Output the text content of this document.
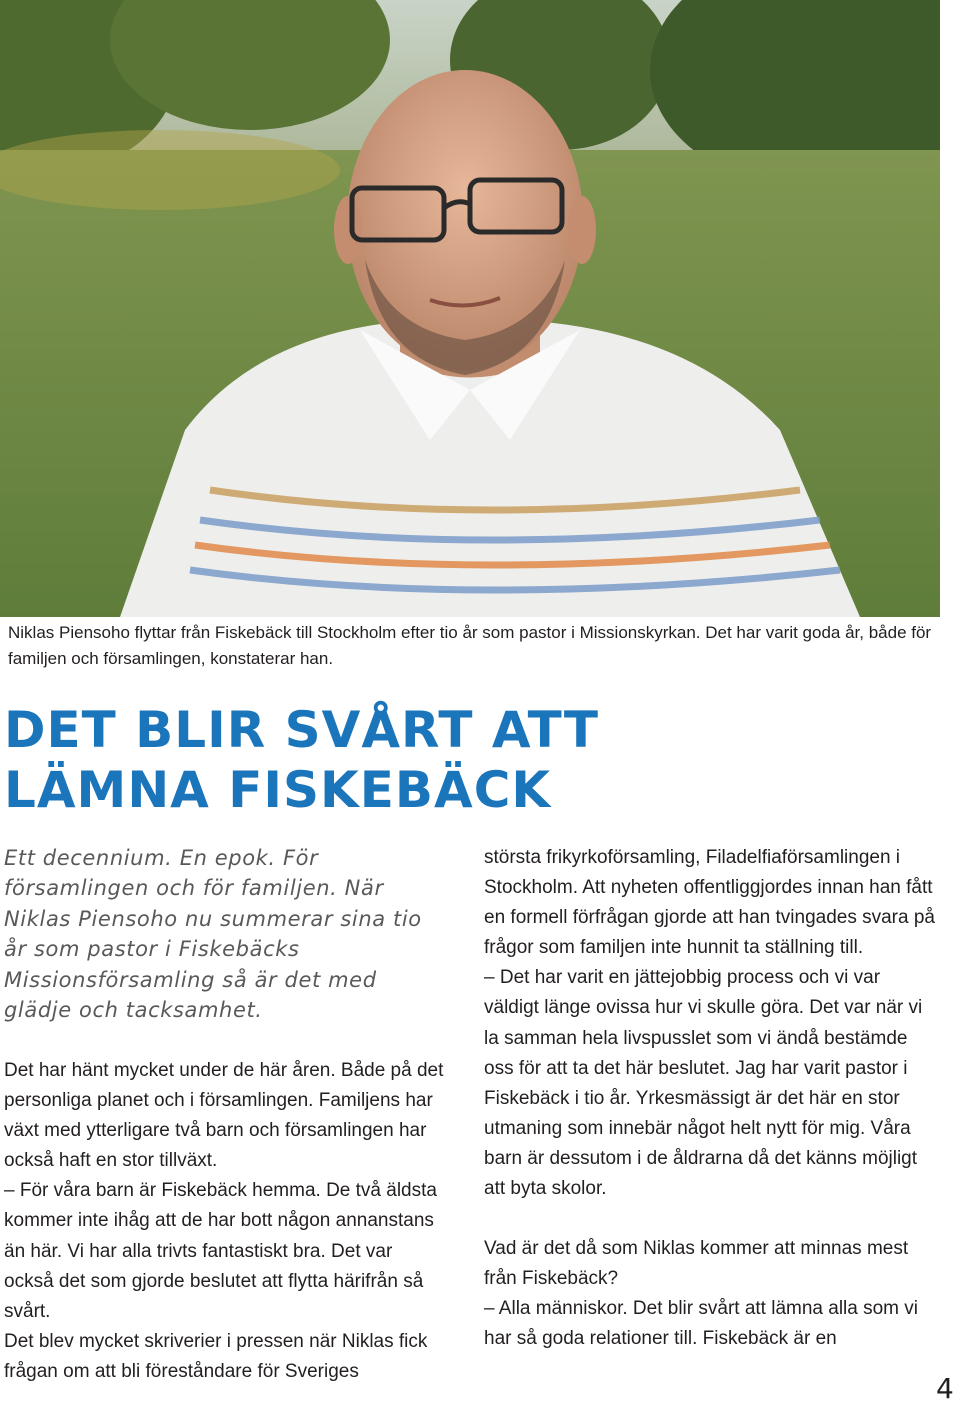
Niklas Piensoho flyttar från Fiskebäck till Stockholm efter tio år som pastor i Missionskyrkan. Det har varit goda år, både för familjen och församlingen, konstaterar han.
DET BLIR SVÅRT ATT
LÄMNA FISKEBÄCK
Ett decennium. En epok. För församlingen och för familjen. När Niklas Piensoho nu summerar sina tio år som pastor i Fiskebäcks Missionsförsamling så är det med glädje och tacksamhet.

Det har hänt mycket under de här åren. Både på det personliga planet och i församlingen. Familjens har växt med ytterligare två barn och församlingen har också haft en stor tillväxt.

– För våra barn är Fiskebäck hemma. De två äldsta kommer inte ihåg att de har bott någon annanstans än här. Vi har alla trivts fantastiskt bra. Det var också det som gjorde beslutet att flytta härifrån så svårt.

Det blev mycket skriverier i pressen när Niklas fick frågan om att bli föreståndare för Sveriges

största frikyrkoförsamling, Filadelfiaförsamlingen i Stockholm. Att nyheten offentliggjordes innan han fått en formell förfrågan gjorde att han tvingades svara på frågor som familjen inte hunnit ta ställning till.

– Det har varit en jättejobbig process och vi var väldigt länge ovissa hur vi skulle göra. Det var när vi la samman hela livspusslet som vi ändå bestämde oss för att ta det här beslutet. Jag har varit pastor i Fiskebäck i tio år. Yrkesmässigt är det här en stor utmaning som innebär något helt nytt för mig. Våra barn är dessutom i de åldrarna då det känns möjligt att byta skolor.

Vad är det då som Niklas kommer att minnas mest från Fiskebäck?

– Alla människor. Det blir svårt att lämna alla som vi har så goda relationer till. Fiskebäck är en

4
